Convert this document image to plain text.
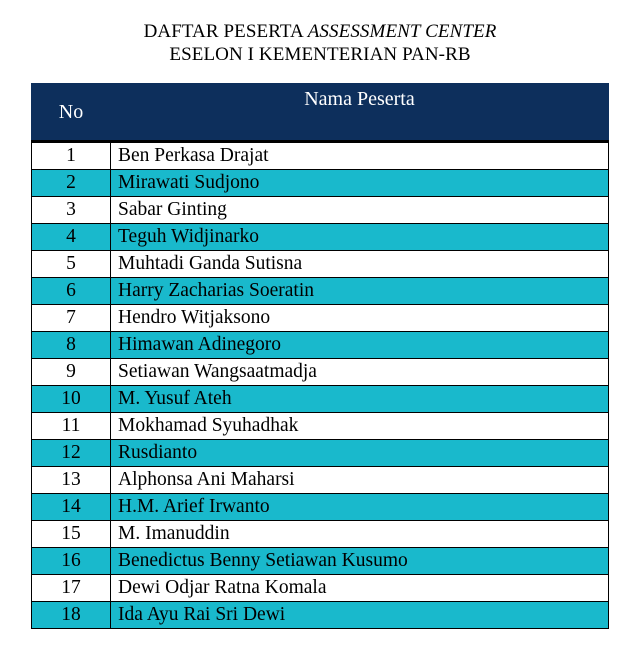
DAFTAR PESERTA ASSESSMENT CENTER
ESELON I KEMENTERIAN PAN-RB
No	Nama Peserta
1	Ben Perkasa Drajat
2	Mirawati Sudjono
3	Sabar Ginting
4	Teguh Widjinarko
5	Muhtadi Ganda Sutisna
6	Harry Zacharias Soeratin
7	Hendro Witjaksono
8	Himawan Adinegoro
9	Setiawan Wangsaatmadja
10	M. Yusuf Ateh
11	Mokhamad Syuhadhak
12	Rusdianto
13	Alphonsa Ani Maharsi
14	H.M. Arief Irwanto
15	M. Imanuddin
16	Benedictus Benny Setiawan Kusumo
17	Dewi Odjar Ratna Komala
18	Ida Ayu Rai Sri Dewi
